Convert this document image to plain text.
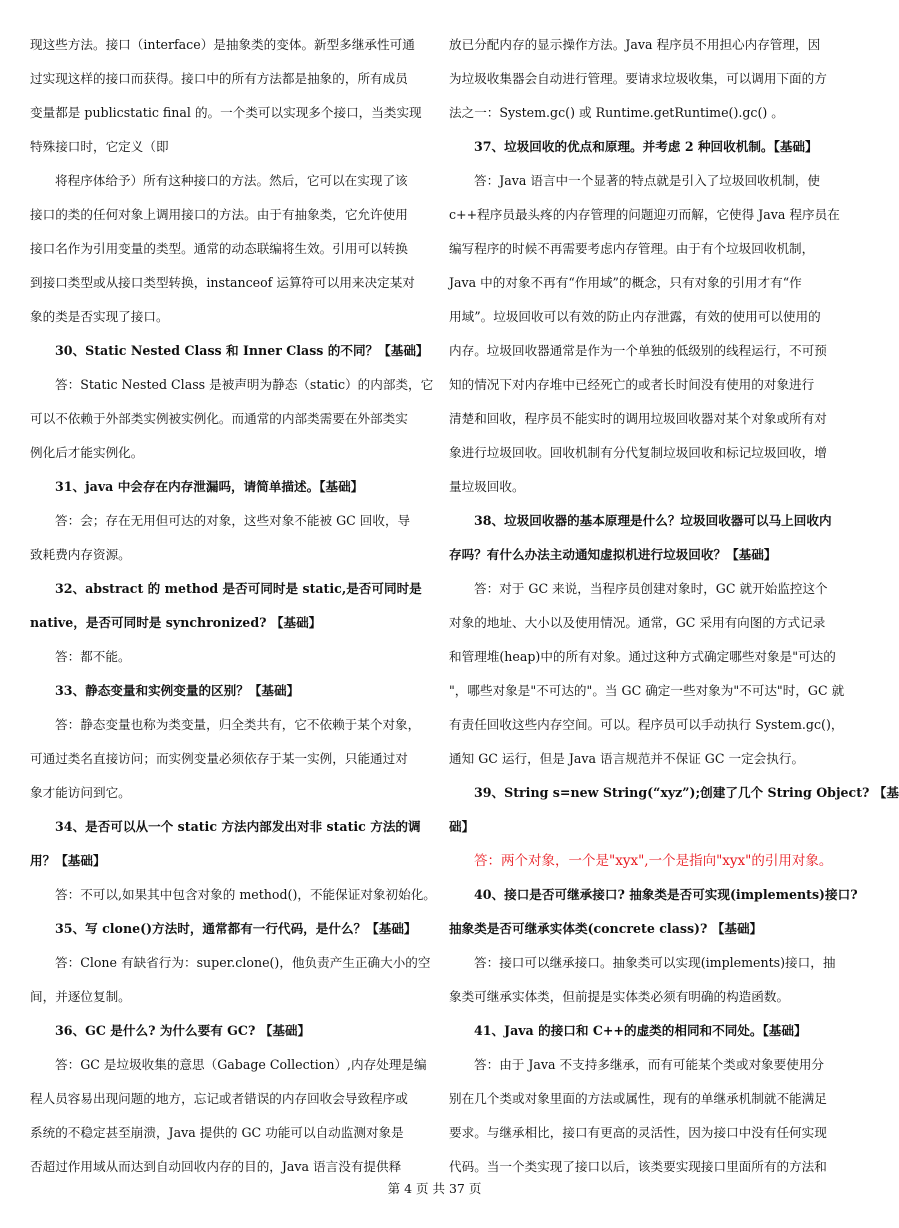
现这些方法。接口（interface）是抽象类的变体。新型多继承性可通
过实现这样的接口而获得。接口中的所有方法都是抽象的，所有成员
变量都是 publicstatic final 的。一个类可以实现多个接口，当类实现
特殊接口时，它定义（即
将程序体给予）所有这种接口的方法。然后，它可以在实现了该
接口的类的任何对象上调用接口的方法。由于有抽象类，它允许使用
接口名作为引用变量的类型。通常的动态联编将生效。引用可以转换
到接口类型或从接口类型转换，instanceof 运算符可以用来决定某对
象的类是否实现了接口。
30、Static Nested Class 和 Inner Class 的不同？【基础】
答：Static Nested Class 是被声明为静态（static）的内部类，它
可以不依赖于外部类实例被实例化。而通常的内部类需要在外部类实
例化后才能实例化。
31、java 中会存在内存泄漏吗，请简单描述。【基础】
答：会；存在无用但可达的对象，这些对象不能被 GC 回收，导
致耗费内存资源。
32、abstract 的 method 是否可同时是 static,是否可同时是
native，是否可同时是 synchronized? 【基础】
答：都不能。
33、静态变量和实例变量的区别？【基础】
答：静态变量也称为类变量，归全类共有，它不依赖于某个对象，
可通过类名直接访问；而实例变量必须依存于某一实例，只能通过对
象才能访问到它。
34、是否可以从一个 static 方法内部发出对非 static 方法的调
用？【基础】
答：不可以,如果其中包含对象的 method()，不能保证对象初始化。
35、写 clone()方法时，通常都有一行代码，是什么？【基础】
答：Clone 有缺省行为：super.clone()，他负责产生正确大小的空
间，并逐位复制。
36、GC 是什么? 为什么要有 GC? 【基础】
答：GC 是垃圾收集的意思（Gabage Collection）,内存处理是编
程人员容易出现问题的地方，忘记或者错误的内存回收会导致程序或
系统的不稳定甚至崩溃，Java 提供的 GC 功能可以自动监测对象是
否超过作用域从而达到自动回收内存的目的，Java 语言没有提供释
放已分配内存的显示操作方法。Java 程序员不用担心内存管理，因
为垃圾收集器会自动进行管理。要请求垃圾收集，可以调用下面的方
法之一：System.gc() 或 Runtime.getRuntime().gc() 。
37、垃圾回收的优点和原理。并考虑 2 种回收机制。【基础】
答：Java 语言中一个显著的特点就是引入了垃圾回收机制，使
c++程序员最头疼的内存管理的问题迎刃而解，它使得 Java 程序员在
编写程序的时候不再需要考虑内存管理。由于有个垃圾回收机制，
Java 中的对象不再有“作用域”的概念，只有对象的引用才有“作
用域”。垃圾回收可以有效的防止内存泄露，有效的使用可以使用的
内存。垃圾回收器通常是作为一个单独的低级别的线程运行，不可预
知的情况下对内存堆中已经死亡的或者长时间没有使用的对象进行
清楚和回收，程序员不能实时的调用垃圾回收器对某个对象或所有对
象进行垃圾回收。回收机制有分代复制垃圾回收和标记垃圾回收，增
量垃圾回收。
38、垃圾回收器的基本原理是什么？垃圾回收器可以马上回收内
存吗？有什么办法主动通知虚拟机进行垃圾回收？【基础】
答：对于 GC 来说，当程序员创建对象时，GC 就开始监控这个
对象的地址、大小以及使用情况。通常，GC 采用有向图的方式记录
和管理堆(heap)中的所有对象。通过这种方式确定哪些对象是"可达的
"，哪些对象是"不可达的"。当 GC 确定一些对象为"不可达"时，GC 就
有责任回收这些内存空间。可以。程序员可以手动执行 System.gc()，
通知 GC 运行，但是 Java 语言规范并不保证 GC 一定会执行。
39、String s=new String(“xyz”);创建了几个 String Object? 【基
础】
答：两个对象，一个是"xyx",一个是指向"xyx"的引用对象。
40、接口是否可继承接口? 抽象类是否可实现(implements)接口?
抽象类是否可继承实体类(concrete class)? 【基础】
答：接口可以继承接口。抽象类可以实现(implements)接口，抽
象类可继承实体类，但前提是实体类必须有明确的构造函数。
41、Java 的接口和 C++的虚类的相同和不同处。【基础】
答：由于 Java 不支持多继承，而有可能某个类或对象要使用分
别在几个类或对象里面的方法或属性，现有的单继承机制就不能满足
要求。与继承相比，接口有更高的灵活性，因为接口中没有任何实现
代码。当一个类实现了接口以后，该类要实现接口里面所有的方法和
第 4 页 共 37 页
